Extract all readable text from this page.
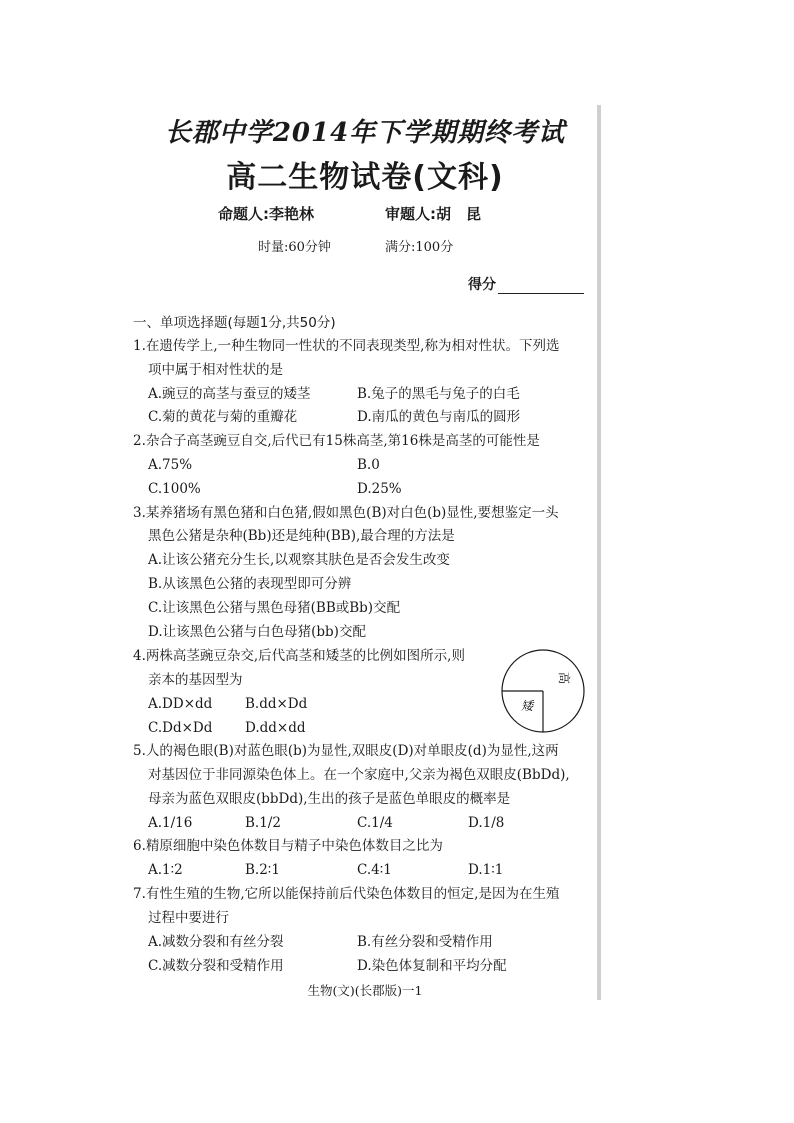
长郡中学2014年下学期期终考试
高二生物试卷(文科)
命题人:李艳林	审题人:胡　昆
时量:60分钟	满分:100分
得分
一、单项选择题(每题1分,共50分)
1.在遗传学上,一种生物同一性状的不同表现类型,称为相对性状。下列选
项中属于相对性状的是
A.豌豆的高茎与蚕豆的矮茎	B.兔子的黑毛与兔子的白毛
C.菊的黄花与菊的重瓣花	D.南瓜的黄色与南瓜的圆形
2.杂合子高茎豌豆自交,后代已有15株高茎,第16株是高茎的可能性是
A.75%	B.0
C.100%	D.25%
3.某养猪场有黑色猪和白色猪,假如黑色(B)对白色(b)显性,要想鉴定一头
黑色公猪是杂种(Bb)还是纯种(BB),最合理的方法是
A.让该公猪充分生长,以观察其肤色是否会发生改变
B.从该黑色公猪的表现型即可分辨
C.让该黑色公猪与黑色母猪(BB或Bb)交配
D.让该黑色公猪与白色母猪(bb)交配
4.两株高茎豌豆杂交,后代高茎和矮茎的比例如图所示,则
亲本的基因型为
A.DD×dd B.dd×Dd
C.Dd×Dd D.dd×dd
高
矮
5.人的褐色眼(B)对蓝色眼(b)为显性,双眼皮(D)对单眼皮(d)为显性,这两
对基因位于非同源染色体上。在一个家庭中,父亲为褐色双眼皮(BbDd),
母亲为蓝色双眼皮(bbDd),生出的孩子是蓝色单眼皮的概率是
A.1/16	B.1/2	C.1/4	D.1/8
6.精原细胞中染色体数目与精子中染色体数目之比为
A.1∶2	B.2∶1	C.4∶1	D.1∶1
7.有性生殖的生物,它所以能保持前后代染色体数目的恒定,是因为在生殖
过程中要进行
A.减数分裂和有丝分裂	B.有丝分裂和受精作用
C.减数分裂和受精作用	D.染色体复制和平均分配
生物(文)(长郡版)一1
